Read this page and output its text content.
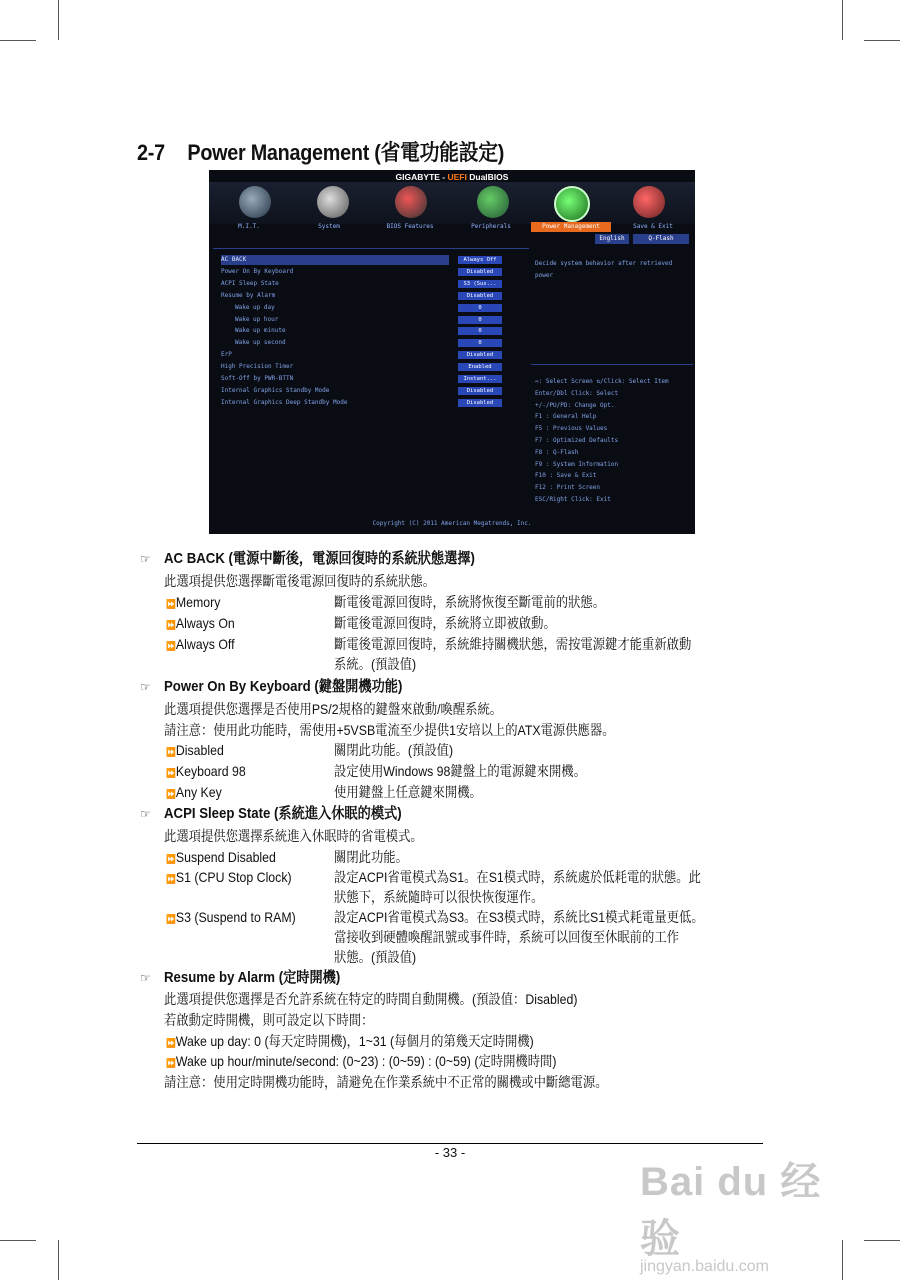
2-7 Power Management (省電功能設定)
GIGABYTE - UEFI DualBIOS
M.I.T.	System	BIOS Features	Peripherals	Power Management	Save & Exit
English	Q-Flash
AC BACK	Always Off
Power On By Keyboard	Disabled
ACPI Sleep State	S3 (Sus...
Resume by Alarm	Disabled
Wake up day	0
Wake up hour	0
Wake up minute	0
Wake up second	0
ErP	Disabled
High Precision Timer	Enabled
Soft-Off by PWR-BTTN	Instant...
Internal Graphics Standby Mode	Disabled
Internal Graphics Deep Standby Mode	Disabled
Decide system behavior after retrieved power
⇔: Select Screen ⇅/Click: Select Item
Enter/Dbl Click: Select
+/-/PU/PD: Change Opt.
F1 : General Help
F5 : Previous Values
F7 : Optimized Defaults
F8 : Q-Flash
F9 : System Information
F10 : Save & Exit
F12 : Print Screen
ESC/Right Click: Exit
Copyright (C) 2011 American Megatrends, Inc.
☞ AC BACK (電源中斷後，電源回復時的系統狀態選擇)
此選項提供您選擇斷電後電源回復時的系統狀態。
⏩Memory	斷電後電源回復時，系統將恢復至斷電前的狀態。
⏩Always On	斷電後電源回復時，系統將立即被啟動。
⏩Always Off	斷電後電源回復時，系統維持關機狀態，需按電源鍵才能重新啟動
系統。(預設值)
☞ Power On By Keyboard (鍵盤開機功能)
此選項提供您選擇是否使用PS/2規格的鍵盤來啟動/喚醒系統。
請注意：使用此功能時，需使用+5VSB電流至少提供1安培以上的ATX電源供應器。
⏩Disabled	關閉此功能。(預設值)
⏩Keyboard 98	設定使用Windows 98鍵盤上的電源鍵來開機。
⏩Any Key	使用鍵盤上任意鍵來開機。
☞ ACPI Sleep State (系統進入休眠的模式)
此選項提供您選擇系統進入休眠時的省電模式。
⏩Suspend Disabled	關閉此功能。
⏩S1 (CPU Stop Clock)	設定ACPI省電模式為S1。在S1模式時，系統處於低耗電的狀態。此
狀態下，系統隨時可以很快恢復運作。
⏩S3 (Suspend to RAM)	設定ACPI省電模式為S3。在S3模式時，系統比S1模式耗電量更低。
當接收到硬體喚醒訊號或事件時，系統可以回復至休眠前的工作
狀態。(預設值)
☞ Resume by Alarm (定時開機)
此選項提供您選擇是否允許系統在特定的時間自動開機。(預設值：Disabled)
若啟動定時開機，則可設定以下時間：
⏩Wake up day: 0 (每天定時開機)，1~31 (每個月的第幾天定時開機)
⏩Wake up hour/minute/second: (0~23) : (0~59) : (0~59) (定時開機時間)
請注意：使用定時開機功能時，請避免在作業系統中不正常的關機或中斷總電源。
- 33 -
Bai du 经验
jingyan.baidu.com
